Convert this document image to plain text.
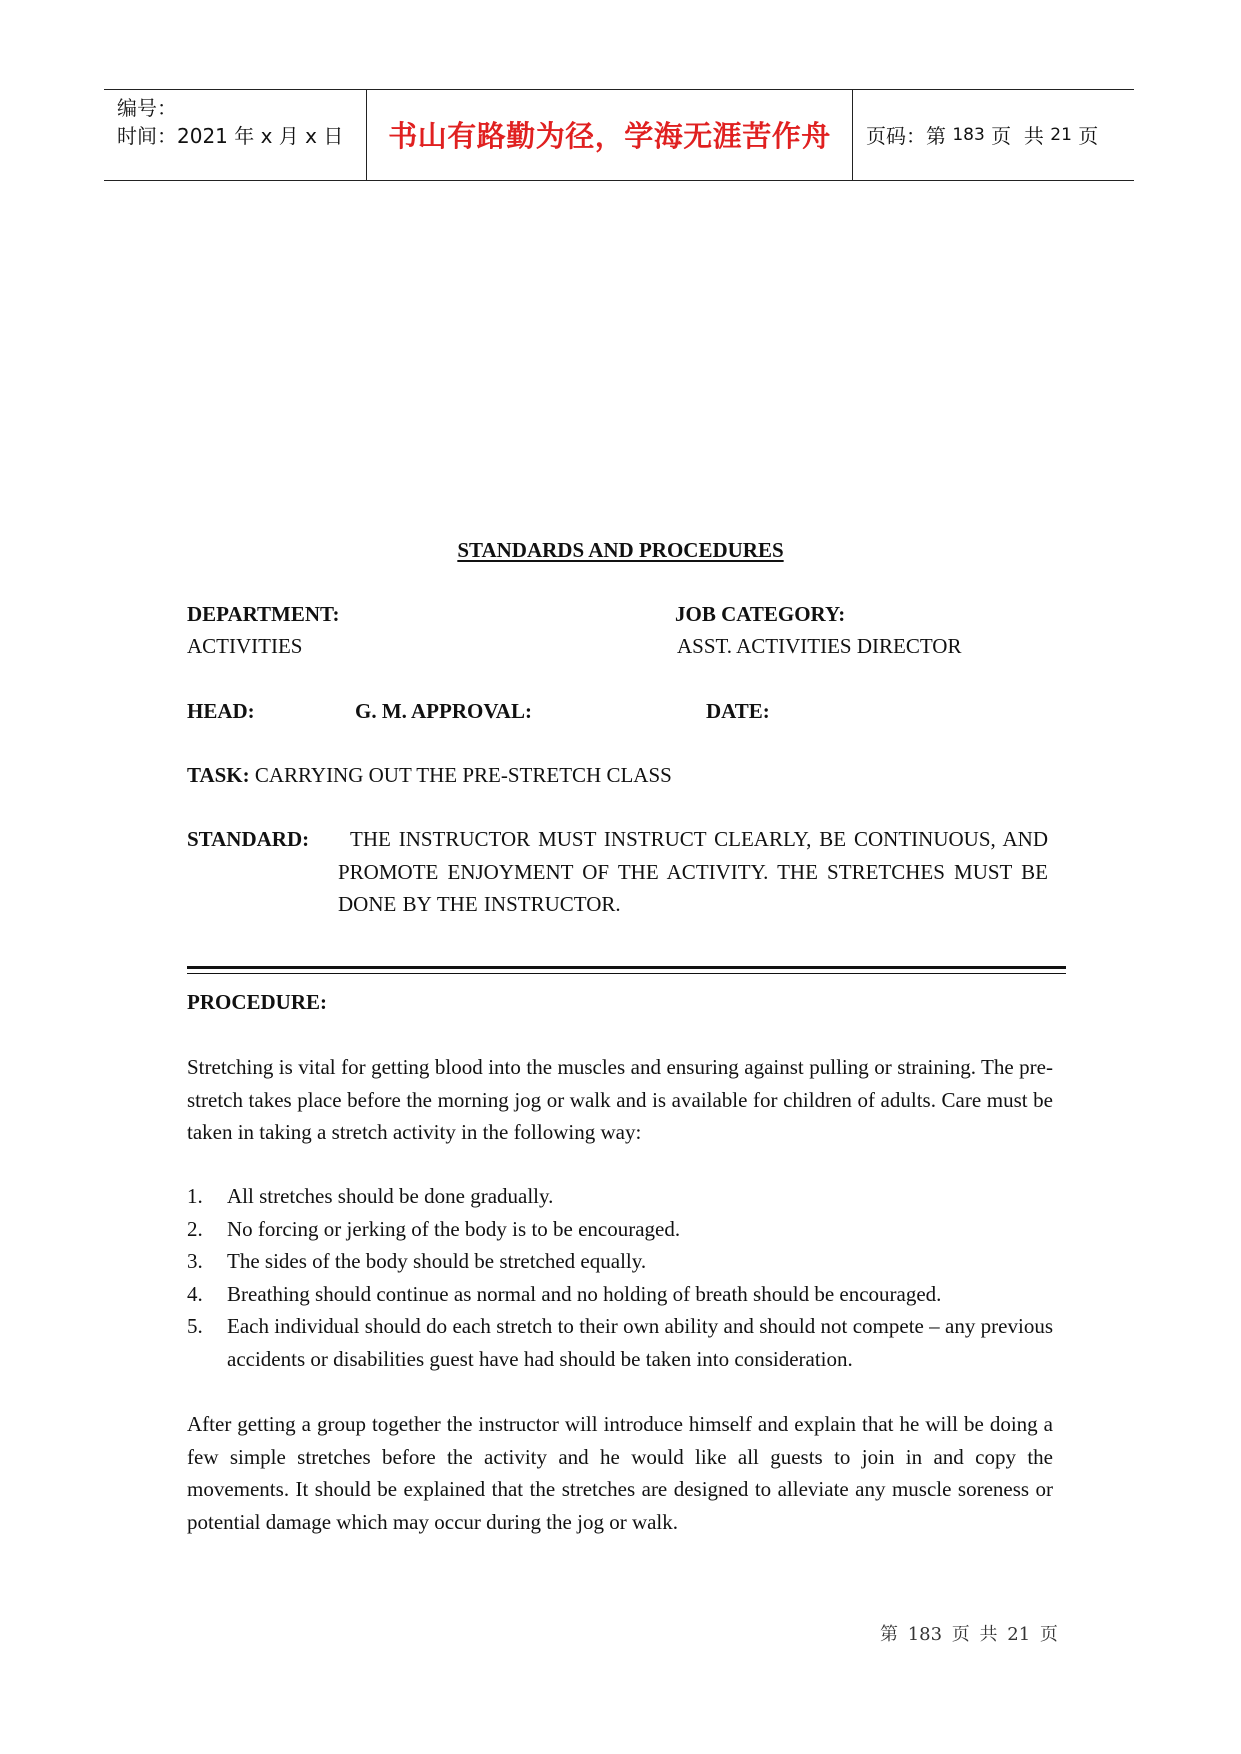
编号：
时间：2021 年 x 月 x 日	书山有路勤为径，学海无涯苦作舟	页码：第 183 页  共 21 页
STANDARDS AND PROCEDURES
DEPARTMENT:
ACTIVITIES
JOB CATEGORY:
ASST. ACTIVITIES DIRECTOR
HEAD:	G. M. APPROVAL:	DATE:
TASK: CARRYING OUT THE PRE-STRETCH CLASS
STANDARD:	THE INSTRUCTOR MUST INSTRUCT CLEARLY, BE CONTINUOUS, AND PROMOTE ENJOYMENT OF THE ACTIVITY. THE STRETCHES MUST BE DONE BY THE INSTRUCTOR.
PROCEDURE:
Stretching is vital for getting blood into the muscles and ensuring against pulling or straining. The pre-stretch takes place before the morning jog or walk and is available for children of adults. Care must be taken in taking a stretch activity in the following way:
1. All stretches should be done gradually.
2. No forcing or jerking of the body is to be encouraged.
3. The sides of the body should be stretched equally.
4. Breathing should continue as normal and no holding of breath should be encouraged.
5. Each individual should do each stretch to their own ability and should not compete – any previous accidents or disabilities guest have had should be taken into consideration.
After getting a group together the instructor will introduce himself and explain that he will be doing a few simple stretches before the activity and he would like all guests to join in and copy the movements. It should be explained that the stretches are designed to alleviate any muscle soreness or potential damage which may occur during the jog or walk.
第 183 页 共 21 页
